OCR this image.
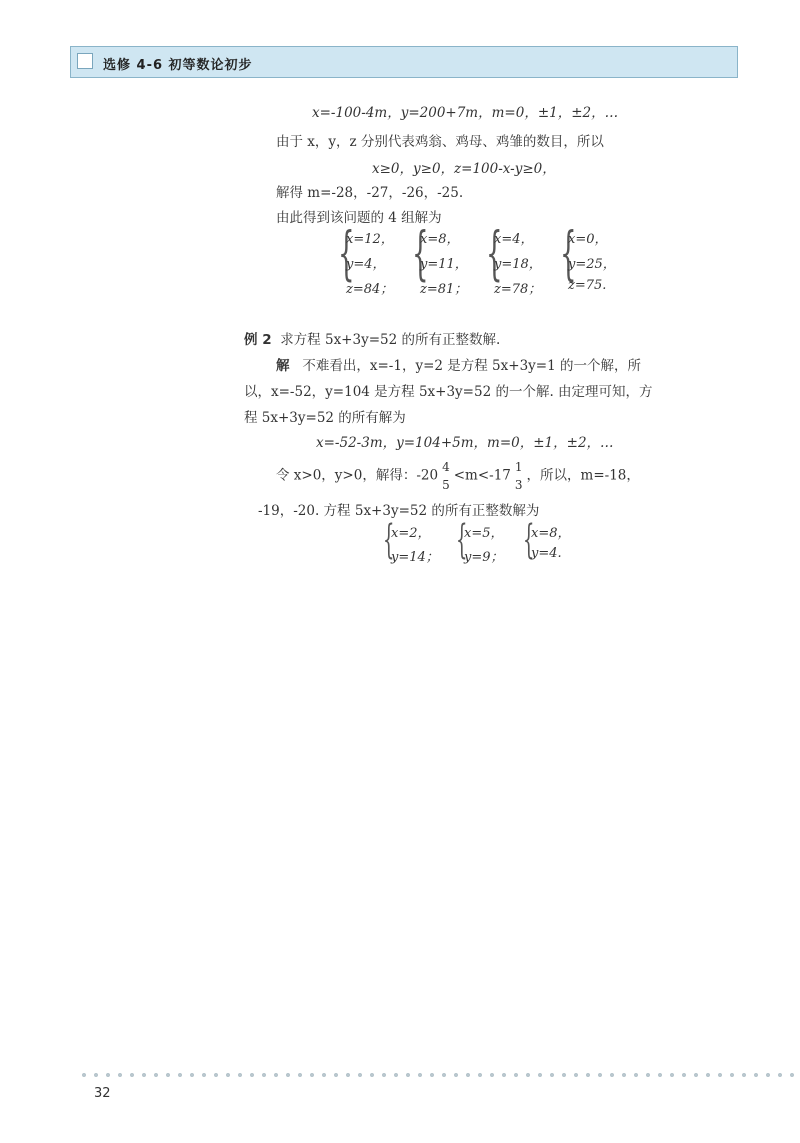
选修 4-6 初等数论初步
x=-100-4m，y=200+7m，m=0，±1，±2，…
由于 x，y，z 分别代表鸡翁、鸡母、鸡雏的数目，所以
x≥0，y≥0，z=100-x-y≥0，
解得 m=-28，-27，-26，-25.
由此得到该问题的 4 组解为
{
x=12，
y=4，
z=84；
{
x=8，
y=11，
z=81；
{
x=4，
y=18，
z=78；
{
x=0，
y=25，
z=75.
例 2 求方程 5x+3y=52 的所有正整数解.
解 不难看出，x=-1，y=2 是方程 5x+3y=1 的一个解，所
以，x=-52，y=104 是方程 5x+3y=52 的一个解. 由定理可知，方
程 5x+3y=52 的所有解为
x=-52-3m，y=104+5m，m=0，±1，±2，…
令 x>0，y>0，解得：-20
4
5
<m<-17
1
3
，所以，m=-18，
-19，-20. 方程 5x+3y=52 的所有正整数解为
{
x=2，
y=14； {
x=5，
y=9； {
x=8，
y=4.
32
